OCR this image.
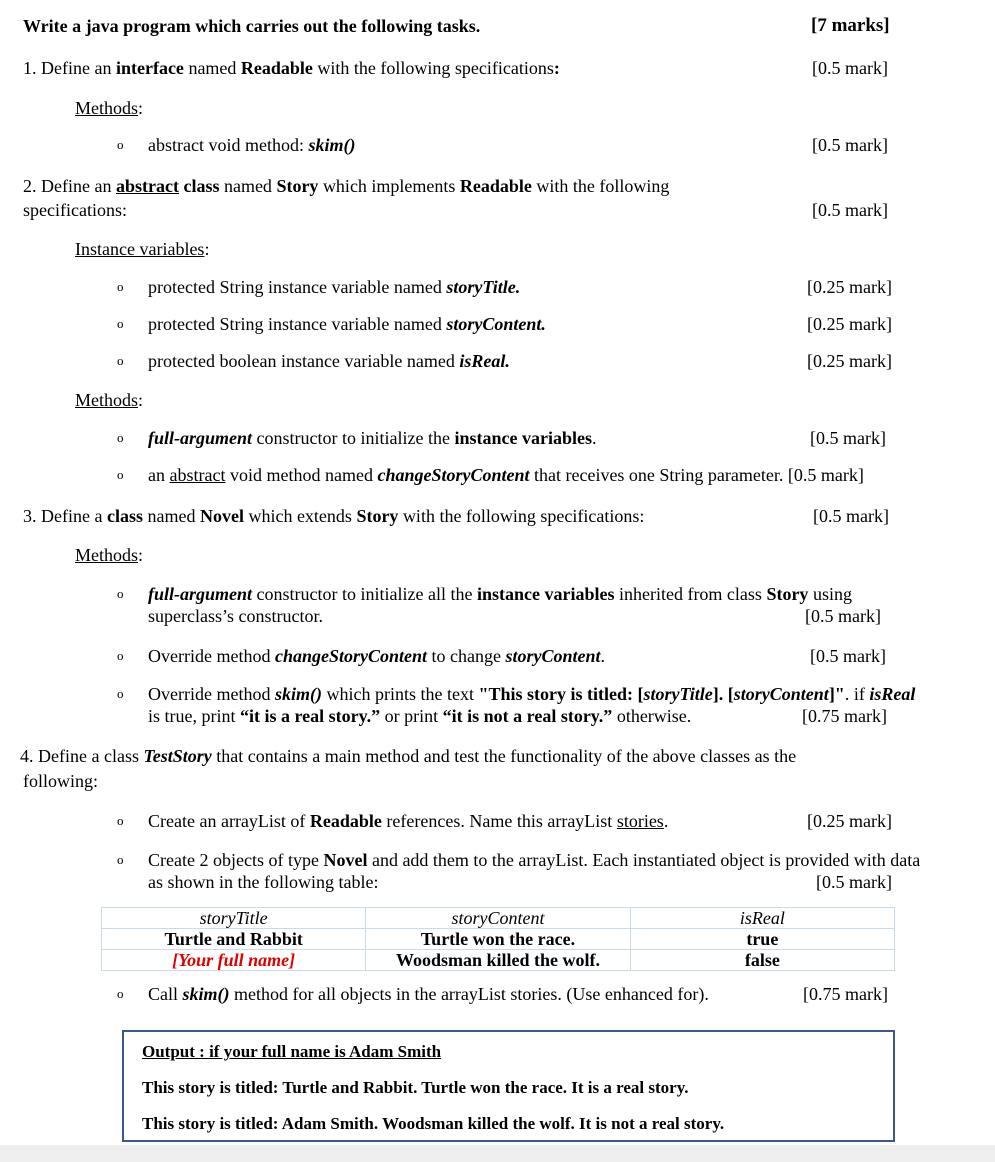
Write a java program which carries out the following tasks.	[7 marks]
1. Define an interface named Readable with the following specifications:	[0.5 mark]
Methods:
o abstract void method: skim()	[0.5 mark]
2. Define an abstract class named Story which implements Readable with the following
specifications:	[0.5 mark]
Instance variables:
o protected String instance variable named storyTitle.	[0.25 mark]
o protected String instance variable named storyContent.	[0.25 mark]
o protected boolean instance variable named isReal.	[0.25 mark]
Methods:
o full-argument constructor to initialize the instance variables.	[0.5 mark]
o an abstract void method named changeStoryContent that receives one String parameter. [0.5 mark]
3. Define a class named Novel which extends Story with the following specifications:	[0.5 mark]
Methods:
o full-argument constructor to initialize all the instance variables inherited from class Story using
superclass’s constructor.	[0.5 mark]
o Override method changeStoryContent to change storyContent.	[0.5 mark]
o Override method skim() which prints the text "This story is titled: [storyTitle]. [storyContent]". if isReal
is true, print “it is a real story.” or print “it is not a real story.” otherwise.	[0.75 mark]
4. Define a class TestStory that contains a main method and test the functionality of the above classes as the
following:
o Create an arrayList of Readable references. Name this arrayList stories.	[0.25 mark]
o Create 2 objects of type Novel and add them to the arrayList. Each instantiated object is provided with data
as shown in the following table:	[0.5 mark]
storyTitle	storyContent	isReal
Turtle and Rabbit	Turtle won the race.	true
[Your full name]	Woodsman killed the wolf.	false
o Call skim() method for all objects in the arrayList stories. (Use enhanced for).	[0.75 mark]
Output : if your full name is Adam Smith
This story is titled: Turtle and Rabbit. Turtle won the race. It is a real story.
This story is titled: Adam Smith. Woodsman killed the wolf. It is not a real story.
